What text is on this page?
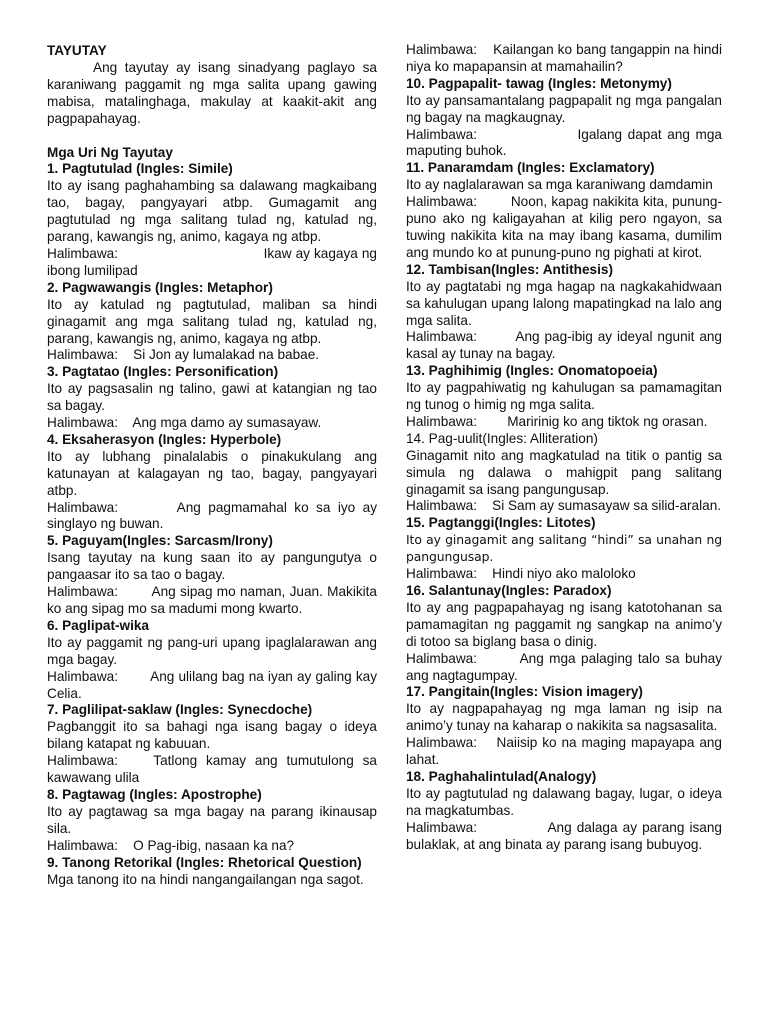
TAYUTAY

Ang tayutay ay isang sinadyang paglayo sa karaniwang paggamit ng mga salita upang gawing mabisa, matalinghaga, makulay at kaakit-akit ang pagpapahayag.

Mga Uri Ng Tayutay

1. Pagtutulad (Ingles: Simile)

Ito ay isang paghahambing sa dalawang magkaibang tao, bagay, pangyayari atbp. Gumagamit ang pagtutulad ng mga salitang tulad ng, katulad ng, parang, kawangis ng, animo, kagaya ng atbp.

Halimbawa:                                    Ikaw ay kagaya ng ibong lumilipad

2. Pagwawangis (Ingles: Metaphor)

Ito ay katulad ng pagtutulad, maliban sa hindi ginagamit ang mga salitang tulad ng, katulad ng, parang, kawangis ng, animo, kagaya ng atbp.

Halimbawa:    Si Jon ay lumalakad na babae.

3. Pagtatao (Ingles: Personification)

Ito ay pagsasalin ng talino, gawi at katangian ng tao sa bagay.

Halimbawa:    Ang mga damo ay sumasayaw.

4. Eksaherasyon (Ingles: Hyperbole)

Ito ay lubhang pinalalabis o pinakukulang ang katunayan at kalagayan ng tao, bagay, pangyayari atbp.

Halimbawa:        Ang pagmamahal ko sa iyo ay singlayo ng buwan.

5. Paguyam(Ingles: Sarcasm/Irony)

Isang tayutay na kung saan ito ay pangungutya o pangaasar ito sa tao o bagay.

Halimbawa:        Ang sipag mo naman, Juan. Makikita ko ang sipag mo sa madumi mong kwarto.

6. Paglipat-wika

Ito ay paggamit ng pang-uri upang ipaglalarawan ang mga bagay.

Halimbawa:        Ang ulilang bag na iyan ay galing kay Celia.

7. Paglilipat-saklaw (Ingles: Synecdoche)

Pagbanggit ito sa bahagi nga isang bagay o ideya bilang katapat ng kabuuan.

Halimbawa:    Tatlong kamay ang tumutulong sa kawawang ulila

8. Pagtawag (Ingles: Apostrophe)

Ito ay pagtawag sa mga bagay na parang ikinausap sila.

Halimbawa:    O Pag-ibig, nasaan ka na?

9. Tanong Retorikal (Ingles: Rhetorical Question)

Mga tanong ito na hindi nangangailangan nga sagot.

Halimbawa:    Kailangan ko bang tangappin na hindi niya ko mapapansin at mamahailin?

10. Pagpapalit- tawag (Ingles: Metonymy)

Ito ay pansamantalang pagpapalit ng mga pangalan ng bagay na magkaugnay.

Halimbawa:                  Igalang dapat ang mga maputing buhok.

11. Panaramdam (Ingles: Exclamatory)

Ito ay naglalarawan sa mga karaniwang damdamin

Halimbawa:        Noon, kapag nakikita kita, punung-puno ako ng kaligayahan at kilig pero ngayon, sa tuwing nakikita kita na may ibang kasama, dumilim ang mundo ko at punung-puno ng pighati at kirot.

12. Tambisan(Ingles: Antithesis)

Ito ay pagtatabi ng mga hagap na nagkakahidwaan sa kahulugan upang lalong mapatingkad na lalo ang mga salita.

Halimbawa:        Ang pag-ibig ay ideyal ngunit ang kasal ay tunay na bagay.

13. Paghihimig (Ingles: Onomatopoeia)

Ito ay pagpahiwatig ng kahulugan sa pamamagitan ng tunog o himig ng mga salita.

Halimbawa:        Maririnig ko ang tiktok ng orasan.

14. Pag-uulit(Ingles: Alliteration)

Ginagamit nito ang magkatulad na titik o pantig sa simula ng dalawa o mahigpit pang salitang ginagamit sa isang pangungusap.

Halimbawa:    Si Sam ay sumasayaw sa silid-aralan.

15. Pagtanggi(Ingles: Litotes)

Ito ay ginagamit ang salitang “hindi” sa unahan ng pangungusap.

Halimbawa:    Hindi niyo ako maloloko

16. Salantunay(Ingles: Paradox)

Ito ay ang pagpapahayag ng isang katotohanan sa pamamagitan ng paggamit ng sangkap na animo’y di totoo sa biglang basa o dinig.

Halimbawa:        Ang mga palaging talo sa buhay ang nagtagumpay.

17. Pangitain(Ingles: Vision imagery)

Ito ay nagpapahayag ng mga laman ng isip na animo’y tunay na kaharap o nakikita sa nagsasalita.

Halimbawa:    Naiisip ko na maging mapayapa ang lahat.

18. Paghahalintulad(Analogy)

Ito ay pagtutulad ng dalawang bagay, lugar, o ideya na magkatumbas.

Halimbawa:              Ang dalaga ay parang isang bulaklak, at ang binata ay parang isang bubuyog.
